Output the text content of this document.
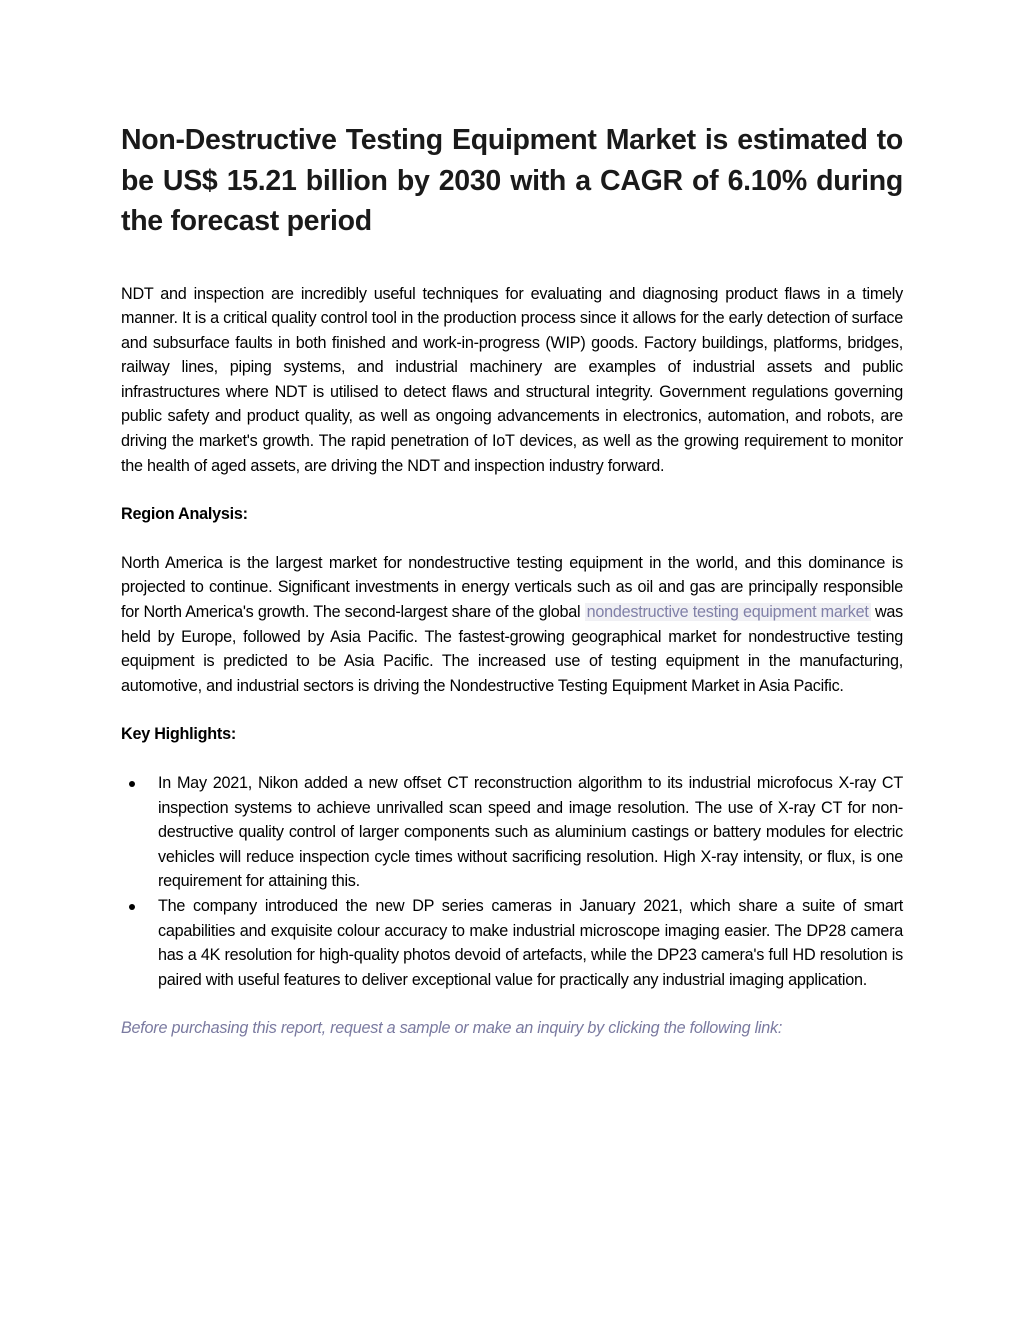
Non-Destructive Testing Equipment Market is estimated to be US$ 15.21 billion by 2030 with a CAGR of 6.10% during the forecast period

NDT and inspection are incredibly useful techniques for evaluating and diagnosing product flaws in a timely manner. It is a critical quality control tool in the production process since it allows for the early detection of surface and subsurface faults in both finished and work-in-progress (WIP) goods. Factory buildings, platforms, bridges, railway lines, piping systems, and industrial machinery are examples of industrial assets and public infrastructures where NDT is utilised to detect flaws and structural integrity. Government regulations governing public safety and product quality, as well as ongoing advancements in electronics, automation, and robots, are driving the market's growth. The rapid penetration of IoT devices, as well as the growing requirement to monitor the health of aged assets, are driving the NDT and inspection industry forward.

Region Analysis:

North America is the largest market for nondestructive testing equipment in the world, and this dominance is projected to continue. Significant investments in energy verticals such as oil and gas are principally responsible for North America's growth. The second-largest share of the global nondestructive testing equipment market was held by Europe, followed by Asia Pacific. The fastest-growing geographical market for nondestructive testing equipment is predicted to be Asia Pacific. The increased use of testing equipment in the manufacturing, automotive, and industrial sectors is driving the Nondestructive Testing Equipment Market in Asia Pacific.

Key Highlights:

In May 2021, Nikon added a new offset CT reconstruction algorithm to its industrial microfocus X-ray CT inspection systems to achieve unrivalled scan speed and image resolution. The use of X-ray CT for non-destructive quality control of larger components such as aluminium castings or battery modules for electric vehicles will reduce inspection cycle times without sacrificing resolution. High X-ray intensity, or flux, is one requirement for attaining this.

The company introduced the new DP series cameras in January 2021, which share a suite of smart capabilities and exquisite colour accuracy to make industrial microscope imaging easier. The DP28 camera has a 4K resolution for high-quality photos devoid of artefacts, while the DP23 camera's full HD resolution is paired with useful features to deliver exceptional value for practically any industrial imaging application.

Before purchasing this report, request a sample or make an inquiry by clicking the following link:
